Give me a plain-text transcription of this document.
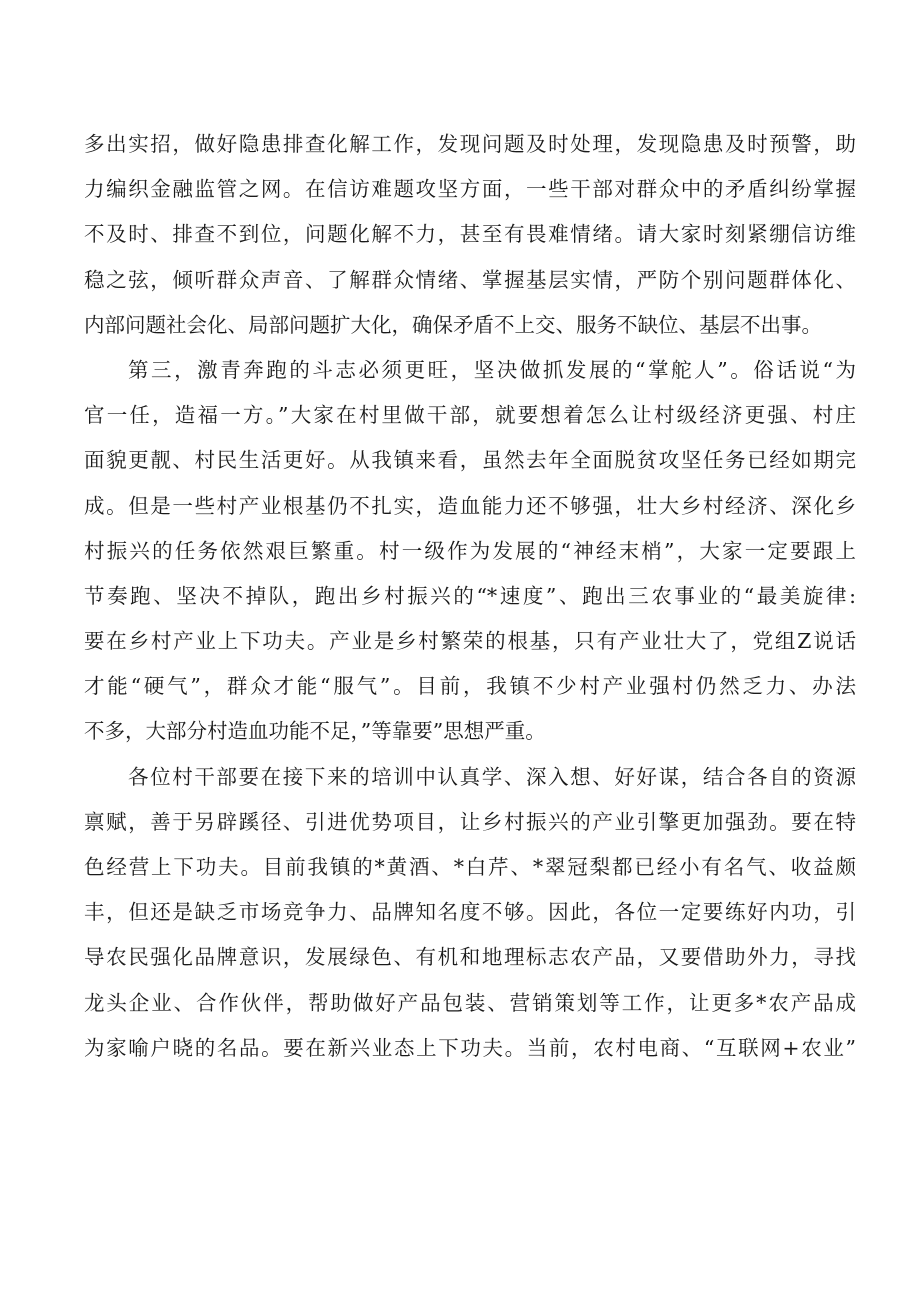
多出实招，做好隐患排查化解工作，发现问题及时处理，发现隐患及时预警，助
力编织金融监管之网。在信访难题攻坚方面，一些干部对群众中的矛盾纠纷掌握
不及时、排查不到位，问题化解不力，甚至有畏难情绪。请大家时刻紧绷信访维
稳之弦，倾听群众声音、了解群众情绪、掌握基层实情，严防个别问题群体化、
内部问题社会化、局部问题扩大化，确保矛盾不上交、服务不缺位、基层不出事。
第三，激青奔跑的斗志必须更旺，坚决做抓发展的“掌舵人”。俗话说“为
官一任，造福一方。”大家在村里做干部，就要想着怎么让村级经济更强、村庄
面貌更靓、村民生活更好。从我镇来看，虽然去年全面脱贫攻坚任务已经如期完
成。但是一些村产业根基仍不扎实，造血能力还不够强，壮大乡村经济、深化乡
村振兴的任务依然艰巨繁重。村一级作为发展的“神经末梢”，大家一定要跟上
节奏跑、坚决不掉队，跑出乡村振兴的“*速度”、跑出三农事业的“最美旋律:
要在乡村产业上下功夫。产业是乡村繁荣的根基，只有产业壮大了，党组Z说话
才能“硬气”，群众才能“服气”。目前，我镇不少村产业强村仍然乏力、办法
不多，大部分村造血功能不足，”等靠要”思想严重。
各位村干部要在接下来的培训中认真学、深入想、好好谋，结合各自的资源
禀赋，善于另辟蹊径、引进优势项目，让乡村振兴的产业引擎更加强劲。要在特
色经营上下功夫。目前我镇的*黄酒、*白芹、*翠冠梨都已经小有名气、收益颇
丰，但还是缺乏市场竞争力、品牌知名度不够。因此，各位一定要练好内功，引
导农民强化品牌意识，发展绿色、有机和地理标志农产品，又要借助外力，寻找
龙头企业、合作伙伴，帮助做好产品包装、营销策划等工作，让更多*农产品成
为家喻户晓的名品。要在新兴业态上下功夫。当前，农村电商、“互联网+农业”
